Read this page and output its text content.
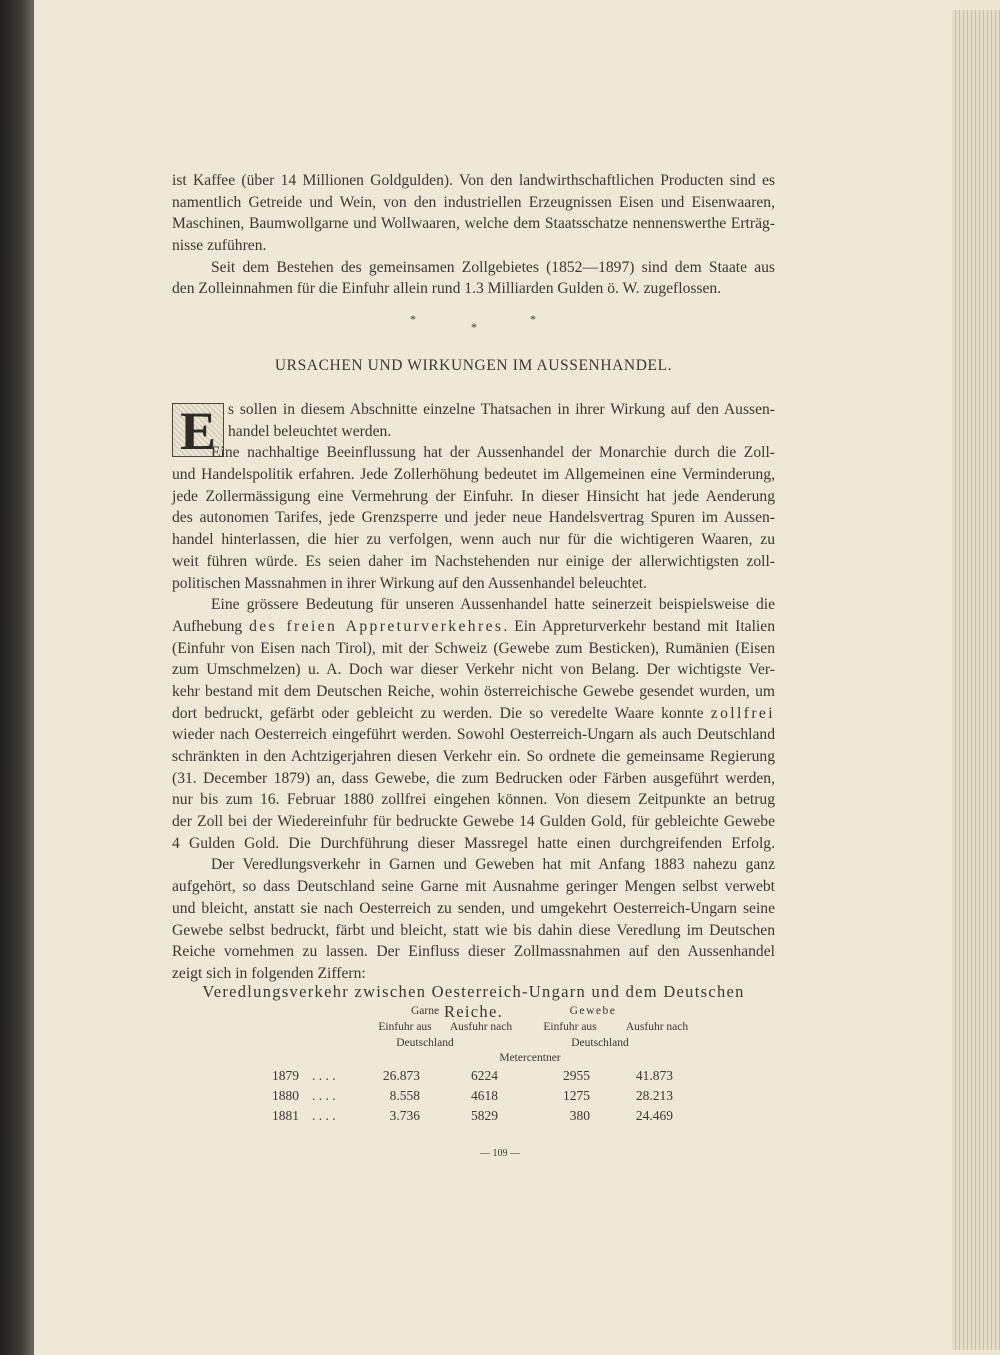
ist Kaffee (über 14 Millionen Goldgulden). Von den landwirthschaftlichen Producten sind es
namentlich Getreide und Wein, von den industriellen Erzeugnissen Eisen und Eisenwaaren,
Maschinen, Baumwollgarne und Wollwaaren, welche dem Staatsschatze nennenswerthe Erträg-
nisse zuführen.
Seit dem Bestehen des gemeinsamen Zollgebietes (1852—1897) sind dem Staate aus
den Zolleinnahmen für die Einfuhr allein rund 1.3 Milliarden Gulden ö. W. zugeflossen.
*
*
*
URSACHEN UND WIRKUNGEN IM AUSSENHANDEL.
E s sollen in diesem Abschnitte einzelne Thatsachen in ihrer Wirkung auf den Aussen-
handel beleuchtet werden.
Eine nachhaltige Beeinflussung hat der Aussenhandel der Monarchie durch die Zoll-
und Handelspolitik erfahren. Jede Zollerhöhung bedeutet im Allgemeinen eine Verminderung,
jede Zollermässigung eine Vermehrung der Einfuhr. In dieser Hinsicht hat jede Aenderung
des autonomen Tarifes, jede Grenzsperre und jeder neue Handelsvertrag Spuren im Aussen-
handel hinterlassen, die hier zu verfolgen, wenn auch nur für die wichtigeren Waaren, zu
weit führen würde. Es seien daher im Nachstehenden nur einige der allerwichtigsten zoll-
politischen Massnahmen in ihrer Wirkung auf den Aussenhandel beleuchtet.
Eine grössere Bedeutung für unseren Aussenhandel hatte seinerzeit beispielsweise die
Aufhebung des freien Appreturverkehres. Ein Appreturverkehr bestand mit Italien
(Einfuhr von Eisen nach Tirol), mit der Schweiz (Gewebe zum Besticken), Rumänien (Eisen
zum Umschmelzen) u. A. Doch war dieser Verkehr nicht von Belang. Der wichtigste Ver-
kehr bestand mit dem Deutschen Reiche, wohin österreichische Gewebe gesendet wurden, um
dort bedruckt, gefärbt oder gebleicht zu werden. Die so veredelte Waare konnte zollfrei
wieder nach Oesterreich eingeführt werden. Sowohl Oesterreich-Ungarn als auch Deutschland
schränkten in den Achtzigerjahren diesen Verkehr ein. So ordnete die gemeinsame Regierung
(31. December 1879) an, dass Gewebe, die zum Bedrucken oder Färben ausgeführt werden,
nur bis zum 16. Februar 1880 zollfrei eingehen können. Von diesem Zeitpunkte an betrug
der Zoll bei der Wiedereinfuhr für bedruckte Gewebe 14 Gulden Gold, für gebleichte Gewebe
4 Gulden Gold. Die Durchführung dieser Massregel hatte einen durchgreifenden Erfolg.
Der Veredlungsverkehr in Garnen und Geweben hat mit Anfang 1883 nahezu ganz
aufgehört, so dass Deutschland seine Garne mit Ausnahme geringer Mengen selbst verwebt
und bleicht, anstatt sie nach Oesterreich zu senden, und umgekehrt Oesterreich-Ungarn seine
Gewebe selbst bedruckt, färbt und bleicht, statt wie bis dahin diese Veredlung im Deutschen
Reiche vornehmen zu lassen. Der Einfluss dieser Zollmassnahmen auf den Aussenhandel
zeigt sich in folgenden Ziffern:
Veredlungsverkehr zwischen Oesterreich-Ungarn und dem Deutschen Reiche.
Garne	Gewebe
Einfuhr aus	Ausfuhr nach	Einfuhr aus	Ausfuhr nach
Deutschland	Deutschland
Metercentner
1879 . . . .	26.873	6224	2955	41.873
1880 . . . .	8.558	4618	1275	28.213
1881 . . . .	3.736	5829	380	24.469
— 109 —
